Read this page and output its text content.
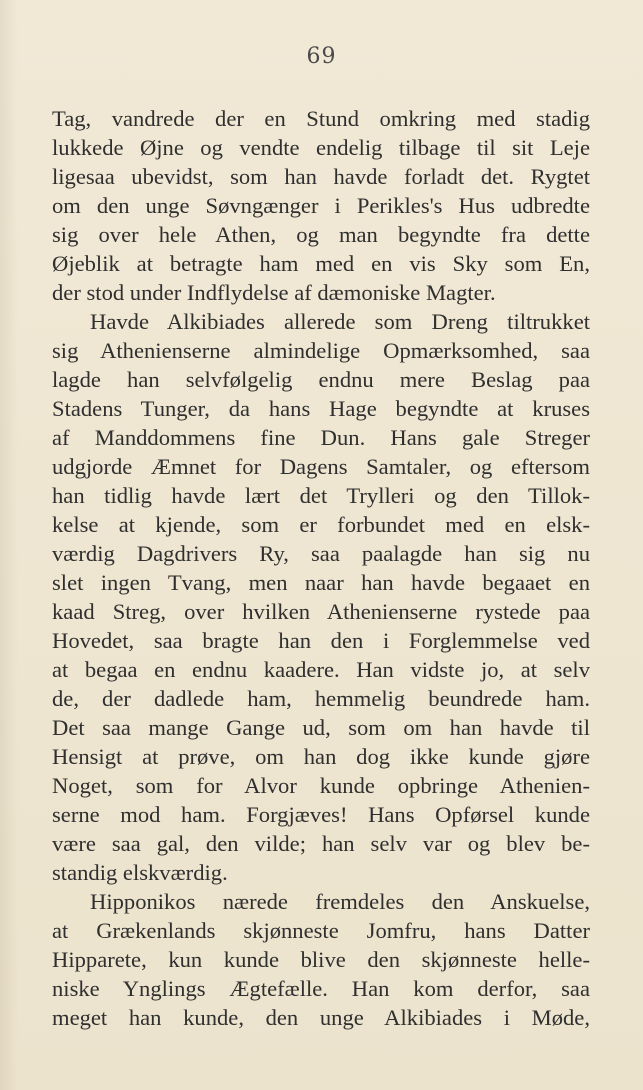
69
Tag, vandrede der en Stund omkring med stadig
lukkede Øjne og vendte endelig tilbage til sit Leje
ligesaa ubevidst, som han havde forladt det. Rygtet
om den unge Søvngænger i Perikles's Hus udbredte
sig over hele Athen, og man begyndte fra dette
Øjeblik at betragte ham med en vis Sky som En,
der stod under Indflydelse af dæmoniske Magter.
Havde Alkibiades allerede som Dreng tiltrukket
sig Athenienserne almindelige Opmærksomhed, saa
lagde han selvfølgelig endnu mere Beslag paa
Stadens Tunger, da hans Hage begyndte at kruses
af Manddommens fine Dun. Hans gale Streger
udgjorde Æmnet for Dagens Samtaler, og eftersom
han tidlig havde lært det Trylleri og den Tillok-
kelse at kjende, som er forbundet med en elsk-
værdig Dagdrivers Ry, saa paalagde han sig nu
slet ingen Tvang, men naar han havde begaaet en
kaad Streg, over hvilken Athenienserne rystede paa
Hovedet, saa bragte han den i Forglemmelse ved
at begaa en endnu kaadere. Han vidste jo, at selv
de, der dadlede ham, hemmelig beundrede ham.
Det saa mange Gange ud, som om han havde til
Hensigt at prøve, om han dog ikke kunde gjøre
Noget, som for Alvor kunde opbringe Athenien-
serne mod ham. Forgjæves! Hans Opførsel kunde
være saa gal, den vilde; han selv var og blev be-
standig elskværdig.
Hipponikos nærede fremdeles den Anskuelse,
at Grækenlands skjønneste Jomfru, hans Datter
Hipparete, kun kunde blive den skjønneste helle-
niske Ynglings Ægtefælle. Han kom derfor, saa
meget han kunde, den unge Alkibiades i Møde,
